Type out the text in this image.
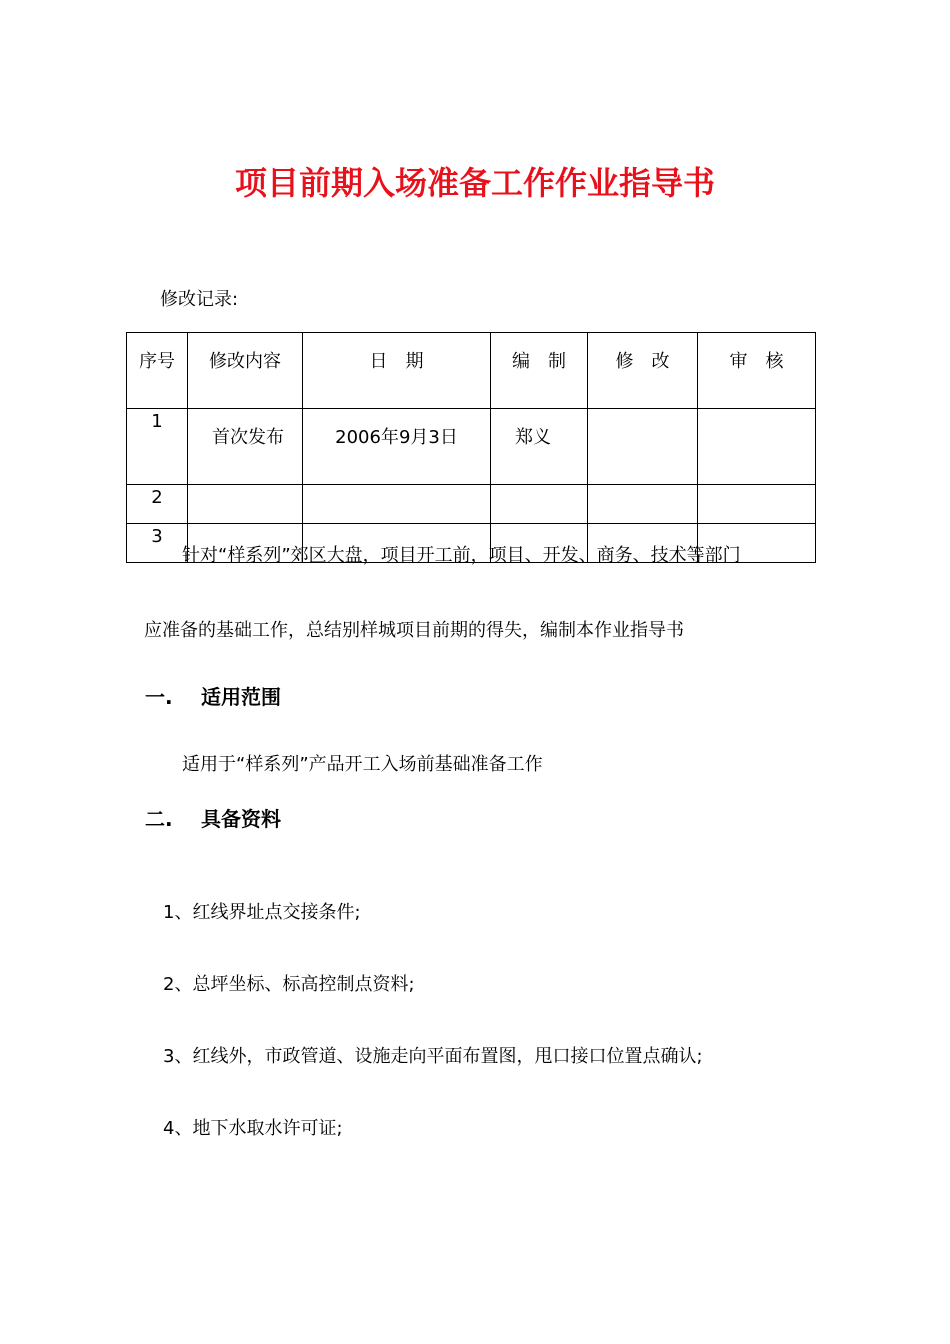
项目前期入场准备工作作业指导书
修改记录:
序号	修改内容	日　期	编　制	修　改	审　核
1	首次发布	2006年9月3日	郑义		
2					
3					
针对“样系列”郊区大盘，项目开工前，项目、开发、商务、技术等部门
应准备的基础工作，总结别样城项目前期的得失，编制本作业指导书
一. 适用范围
适用于“样系列”产品开工入场前基础准备工作
二. 具备资料
1、红线界址点交接条件;
2、总坪坐标、标高控制点资料;
3、红线外，市政管道、设施走向平面布置图，甩口接口位置点确认;
4、地下水取水许可证;
